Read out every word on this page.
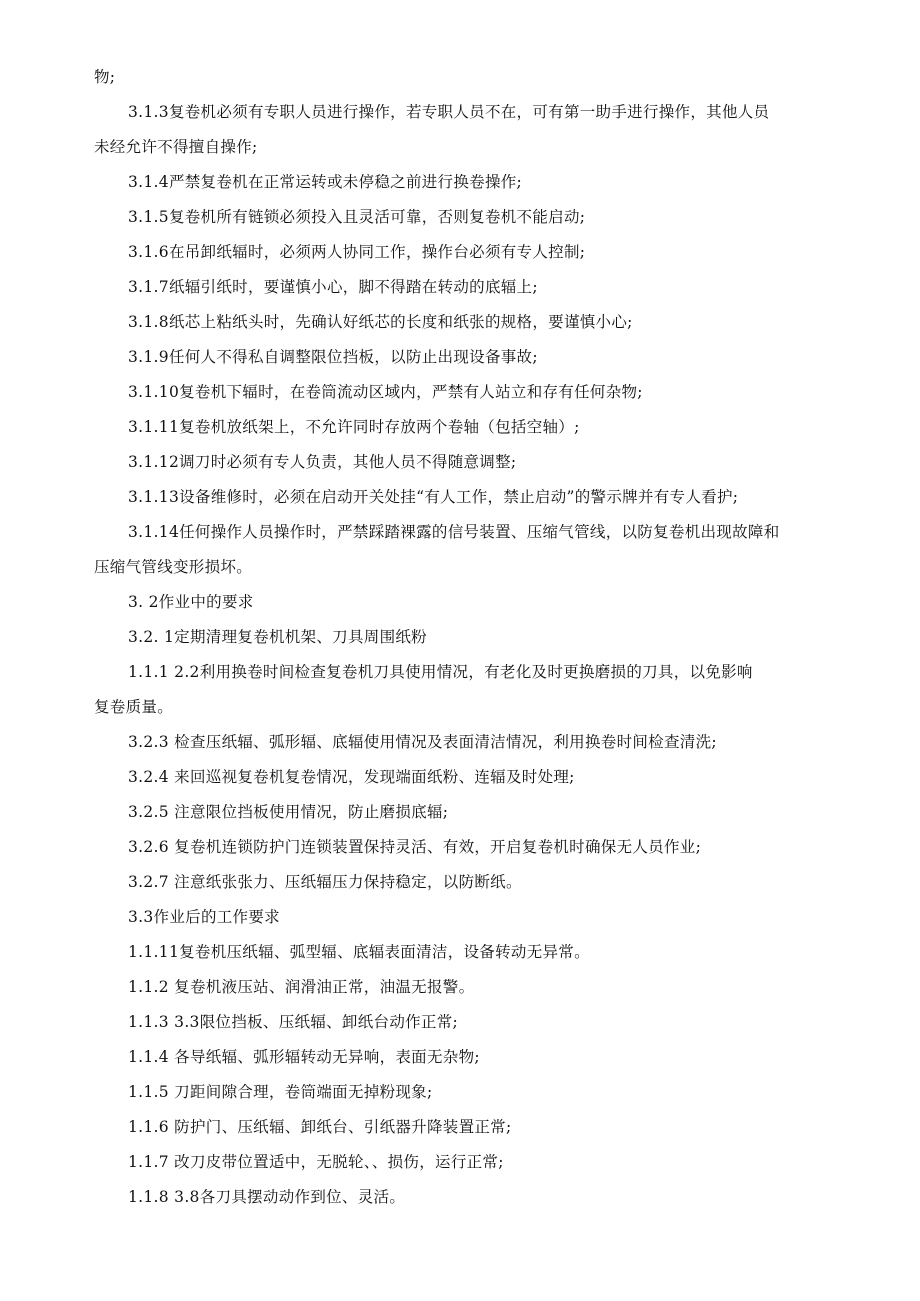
物;
3.1.3复卷机必须有专职人员进行操作，若专职人员不在，可有第一助手进行操作，其他人员
未经允许不得擅自操作;
3.1.4严禁复卷机在正常运转或未停稳之前进行换卷操作;
3.1.5复卷机所有链锁必须投入且灵活可靠，否则复卷机不能启动;
3.1.6在吊卸纸辐时，必须两人协同工作，操作台必须有专人控制;
3.1.7纸辐引纸时，要谨慎小心，脚不得踏在转动的底辐上;
3.1.8纸芯上粘纸头时，先确认好纸芯的长度和纸张的规格，要谨慎小心;
3.1.9任何人不得私自调整限位挡板，以防止出现设备事故;
3.1.10复卷机下辐时，在卷筒流动区域内，严禁有人站立和存有任何杂物;
3.1.11复卷机放纸架上，不允许同时存放两个卷轴（包括空轴）;
3.1.12调刀时必须有专人负责，其他人员不得随意调整;
3.1.13设备维修时，必须在启动开关处挂“有人工作，禁止启动”的警示牌并有专人看护;
3.1.14任何操作人员操作时，严禁踩踏裸露的信号装置、压缩气管线，以防复卷机出现故障和
压缩气管线变形损坏。
3. 2作业中的要求
3.2. 1定期清理复卷机机架、刀具周围纸粉
1.1.1 2.2利用换卷时间检查复卷机刀具使用情况，有老化及时更换磨损的刀具，以免影响
复卷质量。
3.2.3 检查压纸辐、弧形辐、底辐使用情况及表面清洁情况，利用换卷时间检查清洗;
3.2.4 来回巡视复卷机复卷情况，发现端面纸粉、连辐及时处理;
3.2.5 注意限位挡板使用情况，防止磨损底辐;
3.2.6 复卷机连锁防护门连锁装置保持灵活、有效，开启复卷机时确保无人员作业;
3.2.7 注意纸张张力、压纸辐压力保持稳定，以防断纸。
3.3作业后的工作要求
1.1.11复卷机压纸辐、弧型辐、底辐表面清洁，设备转动无异常。
1.1.2 复卷机液压站、润滑油正常，油温无报警。
1.1.3 3.3限位挡板、压纸辐、卸纸台动作正常;
1.1.4 各导纸辐、弧形辐转动无异响，表面无杂物;
1.1.5 刀距间隙合理，卷筒端面无掉粉现象;
1.1.6 防护门、压纸辐、卸纸台、引纸器升降装置正常;
1.1.7 改刀皮带位置适中，无脱轮、、损伤，运行正常;
1.1.8 3.8各刀具摆动动作到位、灵活。
